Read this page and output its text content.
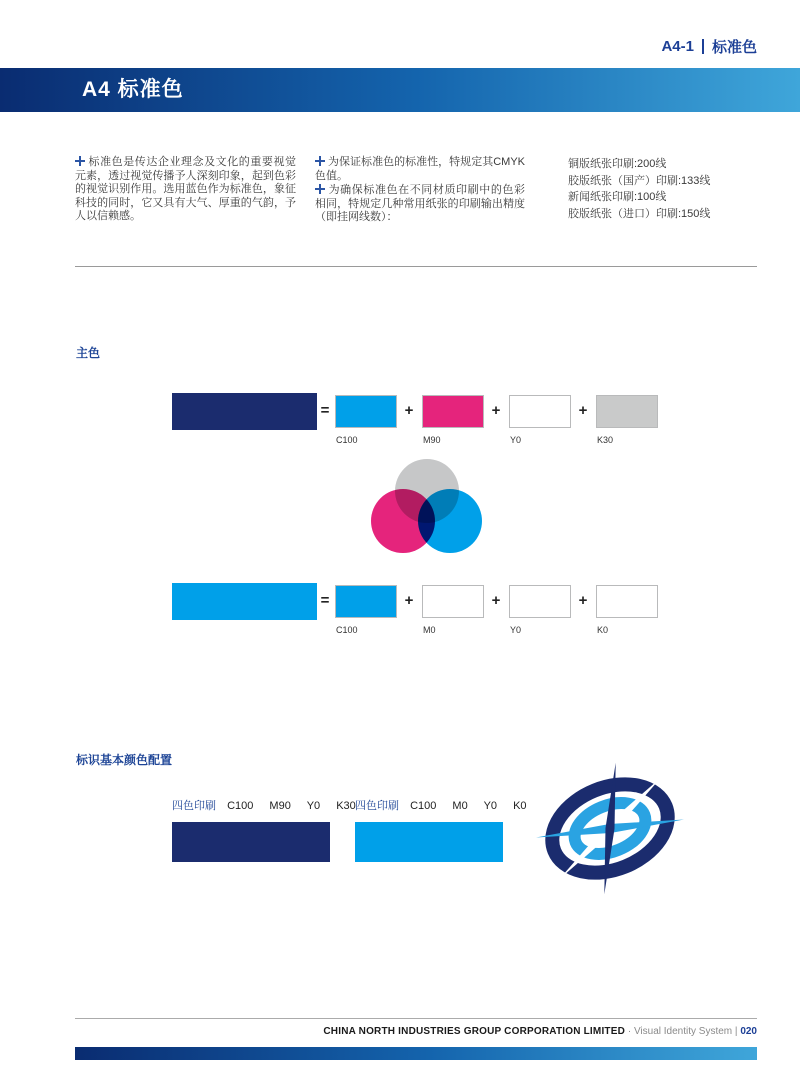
A4-1 标准色
A4 标准色
标准色是传达企业理念及文化的重要视觉元素，透过视觉传播予人深刻印象，起到色彩的视觉识别作用。选用蓝色作为标准色，象征科技的同时，它又具有大气、厚重的气韵，予人以信赖感。
为保证标准色的标准性，特规定其CMYK色值。
为确保标准色在不同材质印刷中的色彩相同，特规定几种常用纸张的印刷输出精度（即挂网线数）：
铜版纸张印刷:200线
胶版纸张（国产）印刷:133线
新闻纸张印刷:100线
胶版纸张（进口）印刷:150线
主色
=	+	+	+
C100	M90	Y0	K30
=	+	+	+
C100	M0	Y0	K0
标识基本颜色配置
四色印刷 C100 M90 Y0 K30 四色印刷 C100 M0 Y0 K0
CHINA NORTH INDUSTRIES GROUP CORPORATION LIMITED · Visual Identity System | 020
